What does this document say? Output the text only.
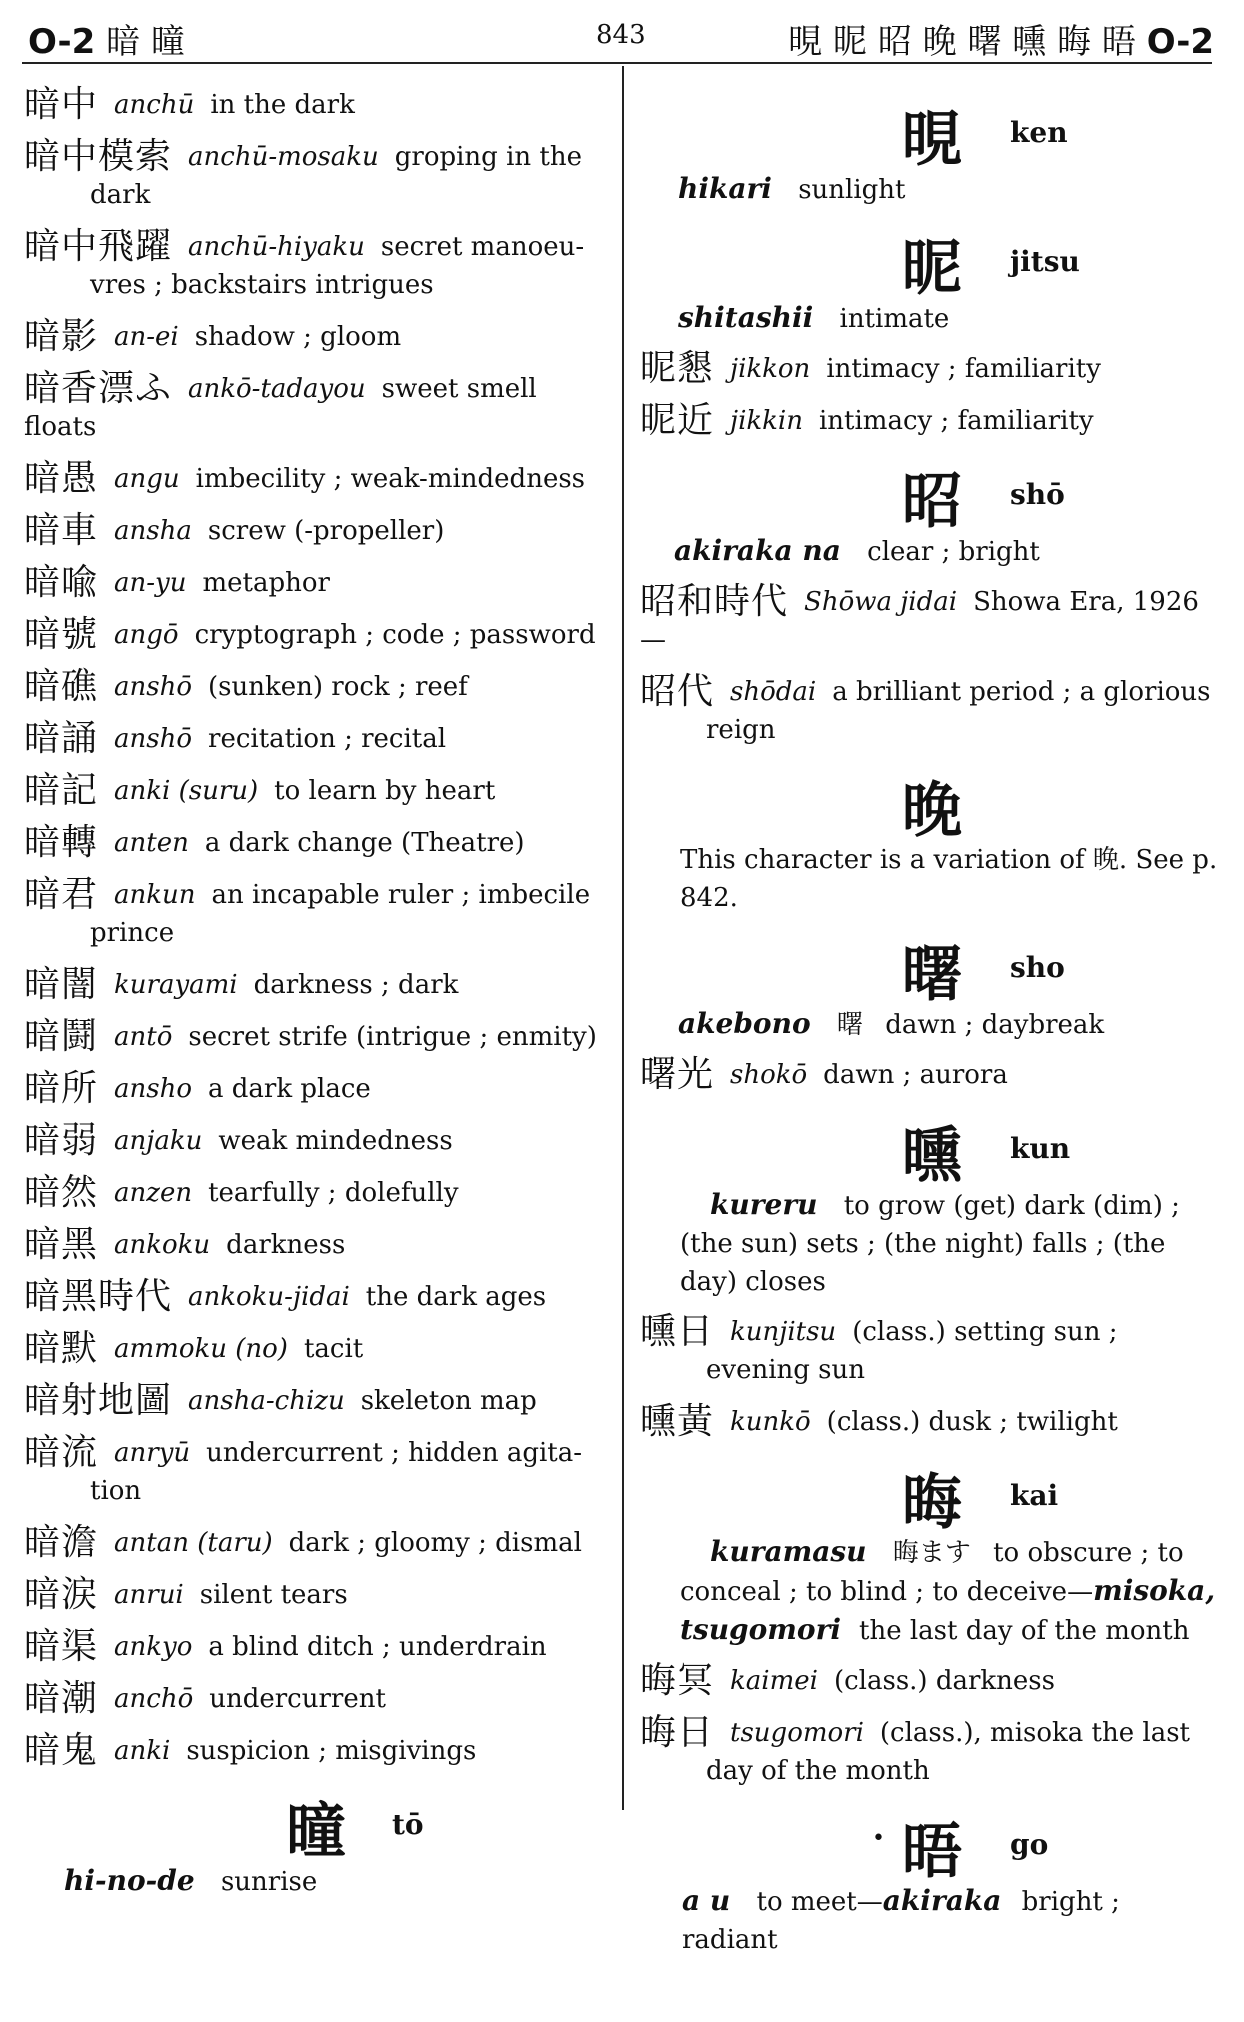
O-2 暗 曈	843	晛 昵 昭 晚 曙 曛 晦 晤 O-2
暗中 anchū in the dark
暗中模索 anchū-mosaku groping in the
dark
暗中飛躍 anchū-hiyaku secret manoeu-
vres ; backstairs intrigues
暗影 an-ei shadow ; gloom
暗香漂ふ ankō-tadayou sweet smell floats
暗愚 angu imbecility ; weak-mindedness
暗車 ansha screw (-propeller)
暗喩 an-yu metaphor
暗號 angō cryptograph ; code ; password
暗礁 anshō (sunken) rock ; reef
暗誦 anshō recitation ; recital
暗記 anki (suru) to learn by heart
暗轉 anten a dark change (Theatre)
暗君 ankun an incapable ruler ; imbecile
prince
暗闇 kurayami darkness ; dark
暗鬪 antō secret strife (intrigue ; enmity)
暗所 ansho a dark place
暗弱 anjaku weak mindedness
暗然 anzen tearfully ; dolefully
暗黑 ankoku darkness
暗黑時代 ankoku-jidai the dark ages
暗默 ammoku (no) tacit
暗射地圖 ansha-chizu skeleton map
暗流 anryū undercurrent ; hidden agita-
tion
暗澹 antan (taru) dark ; gloomy ; dismal
暗涙 anrui silent tears
暗渠 ankyo a blind ditch ; underdrain
暗潮 anchō undercurrent
暗鬼 anki suspicion ; misgivings
曈 tō
hi-no-de sunrise
晛 ken
hikari sunlight
昵 jitsu
shitashii intimate
昵懇 jikkon intimacy ; familiarity
昵近 jikkin intimacy ; familiarity
昭 shō
akiraka na clear ; bright
昭和時代 Shōwa jidai Showa Era, 1926—
昭代 shōdai a brilliant period ; a glorious
reign
晚
This character is a variation of 晚. See p. 842.
曙 sho
akebono 曙 dawn ; daybreak
曙光 shokō dawn ; aurora
曛 kun
kureru to grow (get) dark (dim) ;
(the sun) sets ; (the night) falls ; (the
day) closes
曛日 kunjitsu (class.) setting sun ;
evening sun
曛黃 kunkō (class.) dusk ; twilight
晦 kai
kuramasu 晦ます to obscure ; to
conceal ; to blind ; to deceive—misoka,
tsugomori the last day of the month
晦冥 kaimei (class.) darkness
晦日 tsugomori (class.), misoka the last
day of the month
• 晤 go
a u to meet—akiraka bright ; radiant
